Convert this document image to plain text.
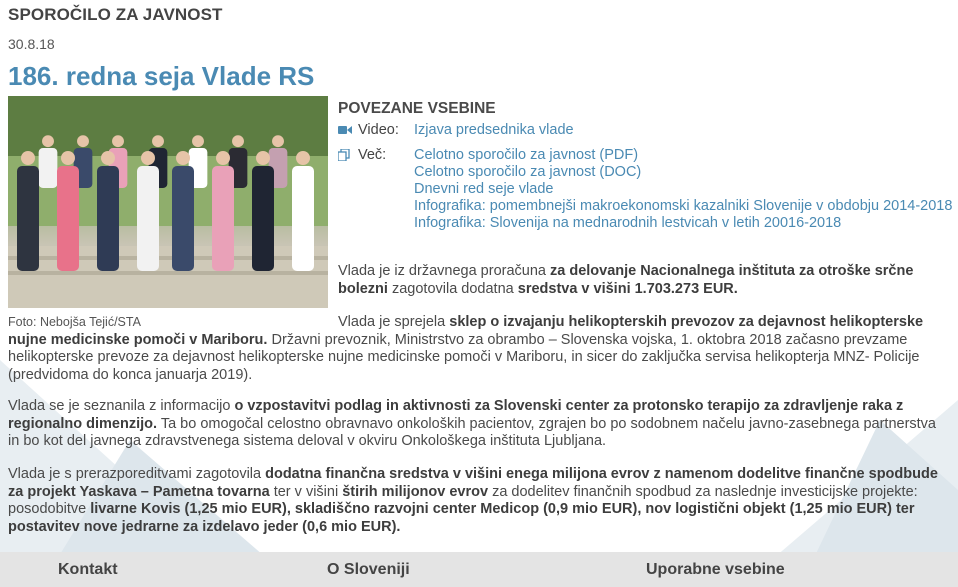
SPOROČILO ZA JAVNOST
30.8.18
186. redna seja Vlade RS
Foto: Nebojša Tejić/STA
POVEZANE VSEBINE
Video: Izjava predsednika vlade
Več: Celotno sporočilo za javnost (PDF)
Celotno sporočilo za javnost (DOC)
Dnevni red seje vlade
Infografika: pomembnejši makroekonomski kazalniki Slovenije v obdobju 2014-2018
Infografika: Slovenija na mednarodnih lestvicah v letih 20016-2018
Vlada je iz državnega proračuna za delovanje Nacionalnega inštituta za otroške srčne bolezni zagotovila dodatna sredstva v višini 1.703.273 EUR.
Vlada je sprejela sklep o izvajanju helikopterskih prevozov za dejavnost helikopterske nujne medicinske pomoči v Mariboru. Državni prevoznik, Ministrstvo za obrambo – Slovenska vojska, 1. oktobra 2018 začasno prevzame helikopterske prevoze za dejavnost helikopterske nujne medicinske pomoči v Mariboru, in sicer do zaključka servisa helikopterja MNZ- Policije (predvidoma do konca januarja 2019).
Vlada se je seznanila z informacijo o vzpostavitvi podlag in aktivnosti za Slovenski center za protonsko terapijo za zdravljenje raka z regionalno dimenzijo. Ta bo omogočal celostno obravnavo onkoloških pacientov, zgrajen bo po sodobnem načelu javno-zasebnega partnerstva in bo kot del javnega zdravstvenega sistema deloval v okviru Onkološkega inštituta Ljubljana.
Vlada je s prerazporeditvami zagotovila dodatna finančna sredstva v višini enega milijona evrov z namenom dodelitve finančne spodbude za projekt Yaskava – Pametna tovarna ter v višini štirih milijonov evrov za dodelitev finančnih spodbud za naslednje investicijske projekte: posodobitve livarne Kovis (1,25 mio EUR), skladiščno razvojni center Medicop (0,9 mio EUR), nov logistični objekt (1,25 mio EUR) ter postavitev nove jedrarne za izdelavo jeder (0,6 mio EUR).
Kontakt	O Sloveniji	Uporabne vsebine
